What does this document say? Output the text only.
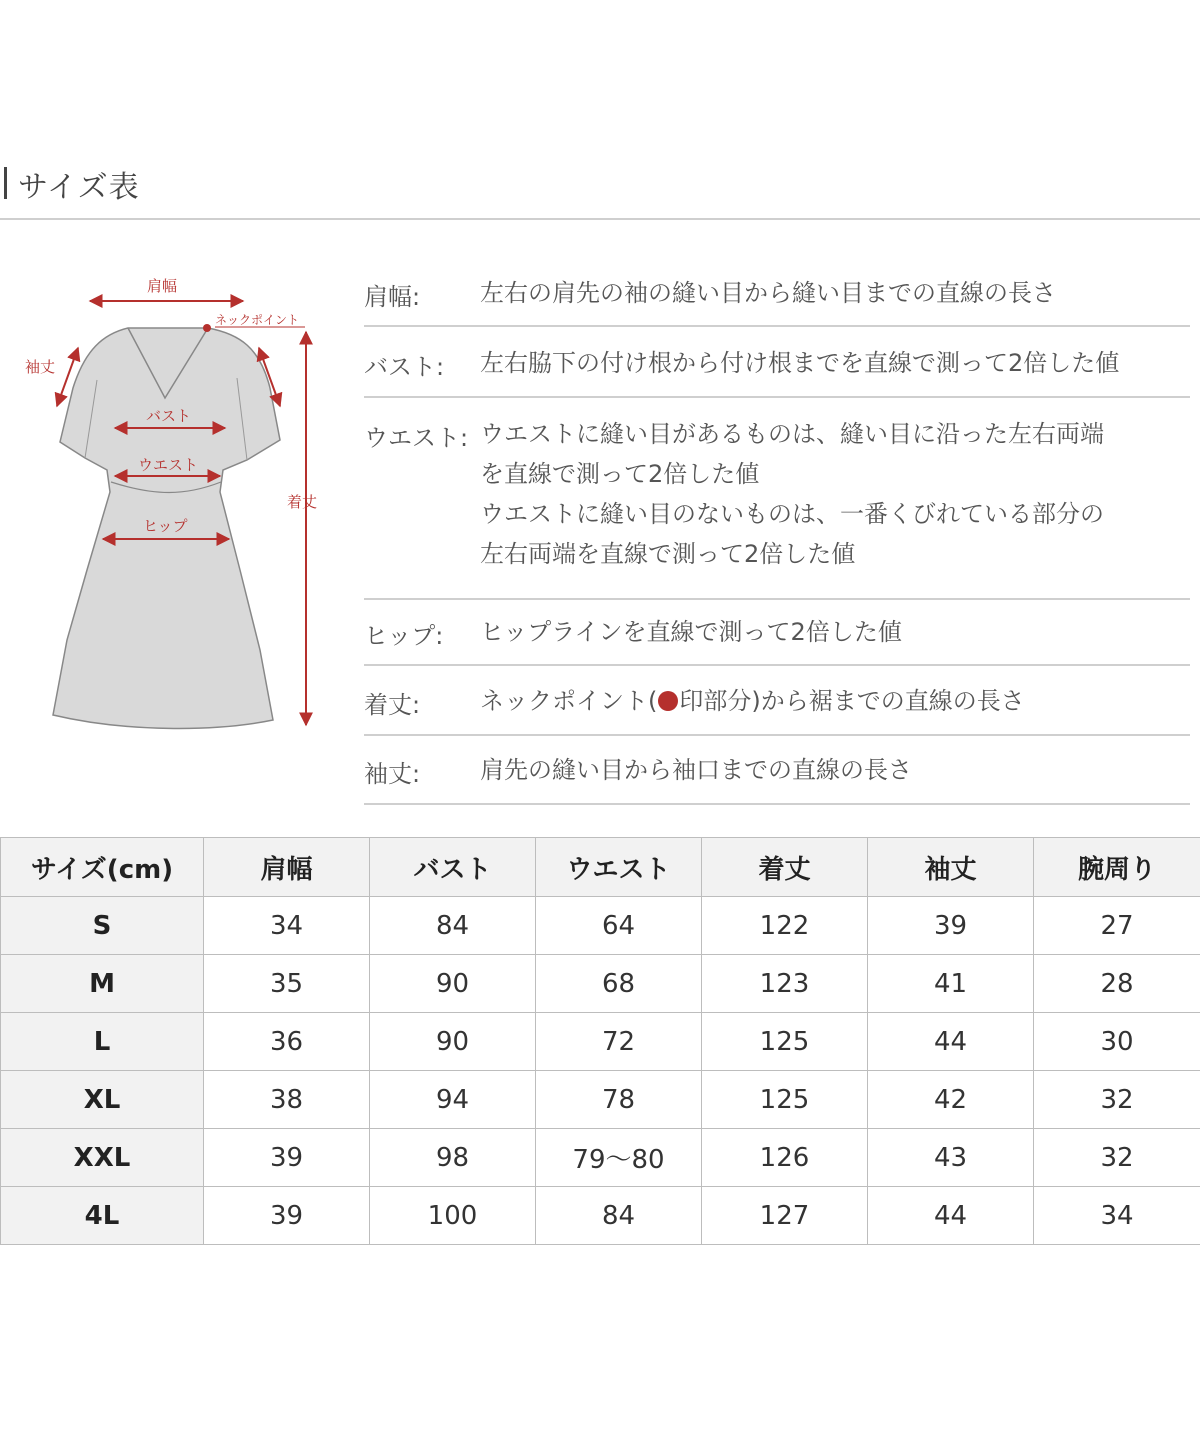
サイズ表
肩幅
ネックポイント
着丈
袖丈
バスト
ウエスト
ヒップ
肩幅: 左右の肩先の袖の縫い目から縫い目までの直線の長さ
バスト: 左右脇下の付け根から付け根までを直線で測って2倍した値
ウエスト: ウエストに縫い目があるものは、縫い目に沿った左右両端
を直線で測って2倍した値
ウエストに縫い目のないものは、一番くびれている部分の
左右両端を直線で測って2倍した値
ヒップ: ヒップラインを直線で測って2倍した値
着丈: ネックポイント( 印部分)から裾までの直線の長さ
袖丈: 肩先の縫い目から袖口までの直線の長さ
サイズ(cm)	肩幅	バスト	ウエスト	着丈	袖丈	腕周り
S	34	84	64	122	39	27
M	35	90	68	123	41	28
L	36	90	72	125	44	30
XL	38	94	78	125	42	32
XXL	39	98	79～80	126	43	32
4L	39	100	84	127	44	34
